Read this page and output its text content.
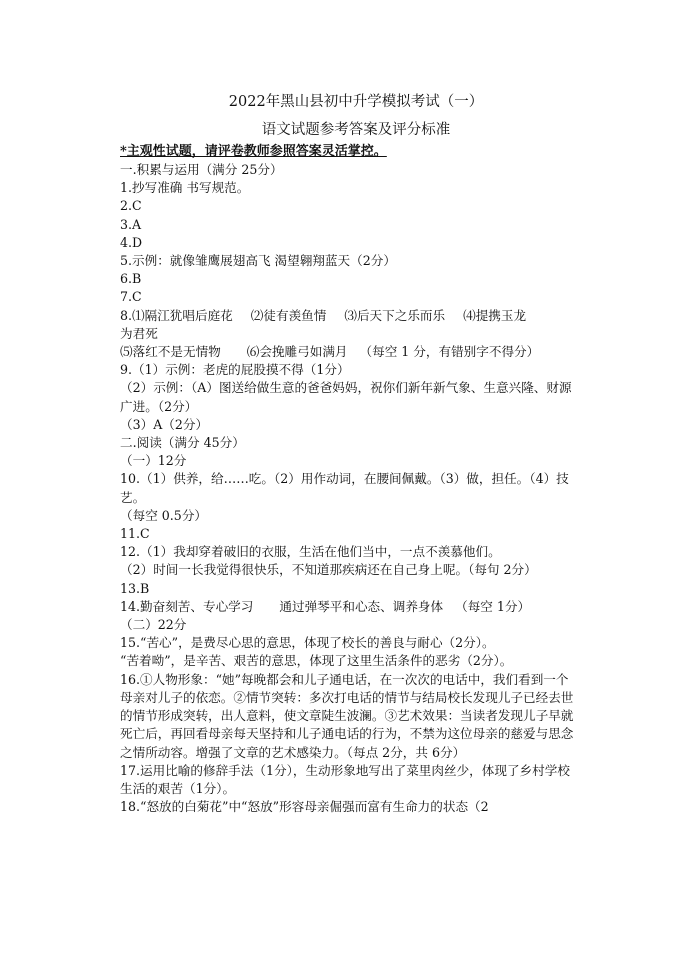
2022年黑山县初中升学模拟考试（一）
语文试题参考答案及评分标准
*主观性试题，请评卷教师参照答案灵活掌控。
一.积累与运用（满分 25分）
1.抄写准确 书写规范。
2.C
3.A
4.D
5.示例：就像雏鹰展翅高飞 渴望翱翔蓝天（2分）
6.B
7.C
8.⑴隔江犹唱后庭花 ⑵徒有羡鱼情 ⑶后天下之乐而乐 ⑷提携玉龙
为君死
⑸落红不是无情物 ⑹会挽雕弓如满月 （每空 1 分，有错别字不得分）
9.（1）示例：老虎的屁股摸不得（1分）
（2）示例：（A）图送给做生意的爸爸妈妈，祝你们新年新气象、生意兴隆、财源广进。（2分）
（3）A（2分）
二.阅读（满分 45分）
（一）12分
10.（1）供养，给……吃。（2）用作动词，在腰间佩戴。（3）做，担任。（4）技艺。
（每空 0.5分）
11.C
12.（1）我却穿着破旧的衣服，生活在他们当中，一点不羡慕他们。
（2）时间一长我觉得很快乐，不知道那疾病还在自己身上呢。（每句 2分）
13.B
14.勤奋刻苦、专心学习 通过弹琴平和心态、调养身体 （每空 1分）
（二）22分
15.“苦心”，是费尽心思的意思，体现了校长的善良与耐心（2分）。
“苦着呦”，是辛苦、艰苦的意思，体现了这里生活条件的恶劣（2分）。
16.①人物形象：“她”每晚都会和儿子通电话，在一次次的电话中，我们看到一个母亲对儿子的依恋。②情节突转：多次打电话的情节与结局校长发现儿子已经去世的情节形成突转，出人意料，使文章陡生波澜。③艺术效果：当读者发现儿子早就死亡后，再回看母亲每天坚持和儿子通电话的行为，不禁为这位母亲的慈爱与思念之情所动容。增强了文章的艺术感染力。（每点 2分，共 6分）
17.运用比喻的修辞手法（1分），生动形象地写出了菜里肉丝少，体现了乡村学校生活的艰苦（1分）。
18.“怒放的白菊花”中“怒放”形容母亲倔强而富有生命力的状态（2
